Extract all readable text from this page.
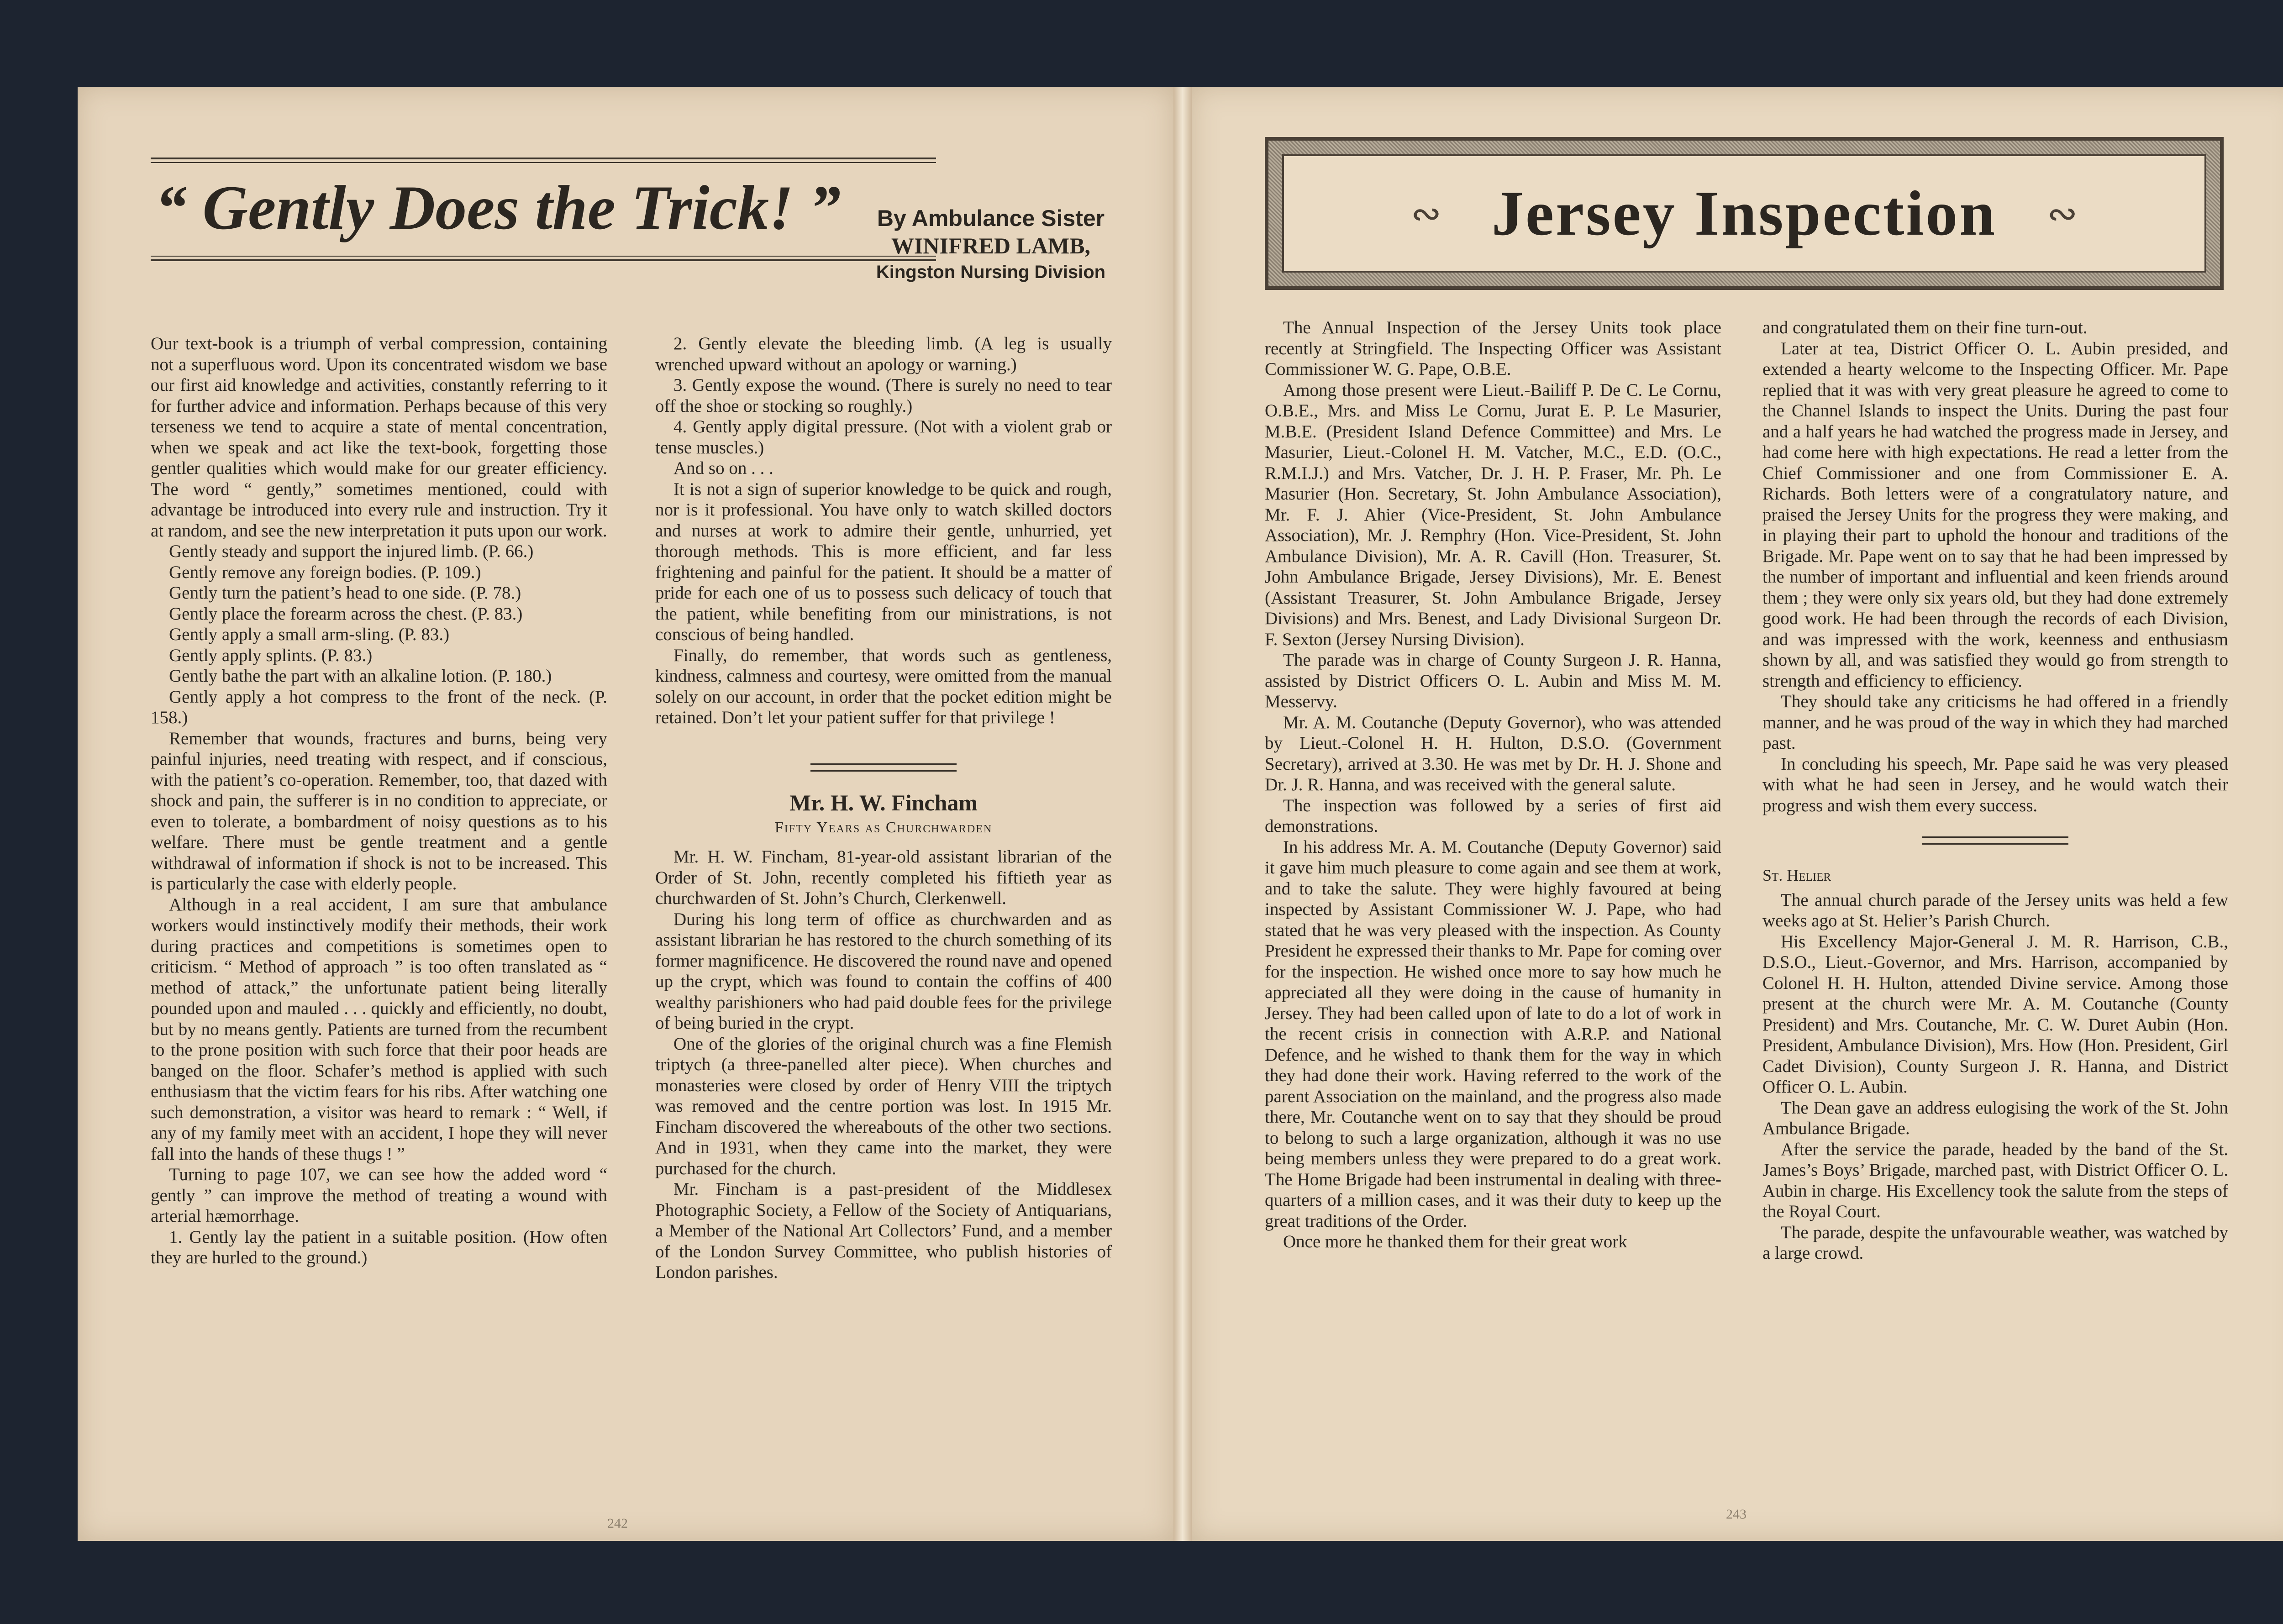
“ Gently Does the Trick! ”	By Ambulance Sister
WINIFRED LAMB,
Kingston Nursing Division

Our text-book is a triumph of verbal compression, containing not a superfluous word. Upon its concentrated wisdom we base our first aid knowledge and activities, constantly referring to it for further advice and information. Perhaps because of this very terseness we tend to acquire a state of mental concentration, when we speak and act like the text-book, forgetting those gentler qualities which would make for our greater efficiency. The word “ gently,” sometimes mentioned, could with advantage be introduced into every rule and instruction. Try it at random, and see the new interpretation it puts upon our work.

Gently steady and support the injured limb. (P. 66.)

Gently remove any foreign bodies. (P. 109.)

Gently turn the patient’s head to one side. (P. 78.)

Gently place the forearm across the chest. (P. 83.)

Gently apply a small arm-sling. (P. 83.)

Gently apply splints. (P. 83.)

Gently bathe the part with an alkaline lotion. (P. 180.)

Gently apply a hot compress to the front of the neck. (P. 158.)

Remember that wounds, fractures and burns, being very painful injuries, need treating with respect, and if conscious, with the patient’s co-operation. Remember, too, that dazed with shock and pain, the sufferer is in no condition to appreciate, or even to tolerate, a bombardment of noisy questions as to his welfare. There must be gentle treatment and a gentle withdrawal of information if shock is not to be increased. This is particularly the case with elderly people.

Although in a real accident, I am sure that ambulance workers would instinctively modify their methods, their work during practices and competitions is sometimes open to criticism. “ Method of approach ” is too often translated as “ method of attack,” the unfortunate patient being literally pounded upon and mauled . . . quickly and efficiently, no doubt, but by no means gently. Patients are turned from the recumbent to the prone position with such force that their poor heads are banged on the floor. Schafer’s method is applied with such enthusiasm that the victim fears for his ribs. After watching one such demonstration, a visitor was heard to remark : “ Well, if any of my family meet with an accident, I hope they will never fall into the hands of these thugs ! ”

Turning to page 107, we can see how the added word “ gently ” can improve the method of treating a wound with arterial hæmorrhage.

1. Gently lay the patient in a suitable position. (How often they are hurled to the ground.)

2. Gently elevate the bleeding limb. (A leg is usually wrenched upward without an apology or warning.)

3. Gently expose the wound. (There is surely no need to tear off the shoe or stocking so roughly.)

4. Gently apply digital pressure. (Not with a violent grab or tense muscles.)

And so on . . .

It is not a sign of superior knowledge to be quick and rough, nor is it professional. You have only to watch skilled doctors and nurses at work to admire their gentle, unhurried, yet thorough methods. This is more efficient, and far less frightening and painful for the patient. It should be a matter of pride for each one of us to possess such delicacy of touch that the patient, while benefiting from our ministrations, is not conscious of being handled.

Finally, do remember, that words such as gentleness, kindness, calmness and courtesy, were omitted from the manual solely on our account, in order that the pocket edition might be retained. Don’t let your patient suffer for that privilege !

Mr. H. W. Fincham
Fifty Years as Churchwarden

Mr. H. W. Fincham, 81-year-old assistant librarian of the Order of St. John, recently completed his fiftieth year as churchwarden of St. John’s Church, Clerkenwell.

During his long term of office as churchwarden and as assistant librarian he has restored to the church something of its former magnificence. He discovered the round nave and opened up the crypt, which was found to contain the coffins of 400 wealthy parishioners who had paid double fees for the privilege of being buried in the crypt.

One of the glories of the original church was a fine Flemish triptych (a three-panelled alter piece). When churches and monasteries were closed by order of Henry VIII the triptych was removed and the centre portion was lost. In 1915 Mr. Fincham discovered the whereabouts of the other two sections. And in 1931, when they came into the market, they were purchased for the church.

Mr. Fincham is a past-president of the Middlesex Photographic Society, a Fellow of the Society of Antiquarians, a Member of the National Art Collectors’ Fund, and a member of the London Survey Committee, who publish histories of London parishes.

242
∾ Jersey Inspection ∾

The Annual Inspection of the Jersey Units took place recently at Stringfield. The Inspecting Officer was Assistant Commissioner W. G. Pape, O.B.E.

Among those present were Lieut.-Bailiff P. De C. Le Cornu, O.B.E., Mrs. and Miss Le Cornu, Jurat E. P. Le Masurier, M.B.E. (President Island Defence Committee) and Mrs. Le Masurier, Lieut.-Colonel H. M. Vatcher, M.C., E.D. (O.C., R.M.I.J.) and Mrs. Vatcher, Dr. J. H. P. Fraser, Mr. Ph. Le Masurier (Hon. Secretary, St. John Ambulance Association), Mr. F. J. Ahier (Vice-President, St. John Ambulance Association), Mr. J. Remphry (Hon. Vice-President, St. John Ambulance Division), Mr. A. R. Cavill (Hon. Treasurer, St. John Ambulance Brigade, Jersey Divisions), Mr. E. Benest (Assistant Treasurer, St. John Ambulance Brigade, Jersey Divisions) and Mrs. Benest, and Lady Divisional Surgeon Dr. F. Sexton (Jersey Nursing Division).

The parade was in charge of County Surgeon J. R. Hanna, assisted by District Officers O. L. Aubin and Miss M. M. Messervy.

Mr. A. M. Coutanche (Deputy Governor), who was attended by Lieut.-Colonel H. H. Hulton, D.S.O. (Government Secretary), arrived at 3.30. He was met by Dr. H. J. Shone and Dr. J. R. Hanna, and was received with the general salute.

The inspection was followed by a series of first aid demonstrations.

In his address Mr. A. M. Coutanche (Deputy Governor) said it gave him much pleasure to come again and see them at work, and to take the salute. They were highly favoured at being inspected by Assistant Commissioner W. J. Pape, who had stated that he was very pleased with the inspection. As County President he expressed their thanks to Mr. Pape for coming over for the inspection. He wished once more to say how much he appreciated all they were doing in the cause of humanity in Jersey. They had been called upon of late to do a lot of work in the recent crisis in connection with A.R.P. and National Defence, and he wished to thank them for the way in which they had done their work. Having referred to the work of the parent Association on the mainland, and the progress also made there, Mr. Coutanche went on to say that they should be proud to belong to such a large organization, although it was no use being members unless they were prepared to do a great work. The Home Brigade had been instrumental in dealing with three-quarters of a million cases, and it was their duty to keep up the great traditions of the Order.

Once more he thanked them for their great work

and congratulated them on their fine turn-out.

Later at tea, District Officer O. L. Aubin presided, and extended a hearty welcome to the Inspecting Officer. Mr. Pape replied that it was with very great pleasure he agreed to come to the Channel Islands to inspect the Units. During the past four and a half years he had watched the progress made in Jersey, and had come here with high expectations. He read a letter from the Chief Commissioner and one from Commissioner E. A. Richards. Both letters were of a congratulatory nature, and praised the Jersey Units for the progress they were making, and in playing their part to uphold the honour and traditions of the Brigade. Mr. Pape went on to say that he had been impressed by the number of important and influential and keen friends around them ; they were only six years old, but they had done extremely good work. He had been through the records of each Division, and was impressed with the work, keenness and enthusiasm shown by all, and was satisfied they would go from strength to strength and efficiency to efficiency.

They should take any criticisms he had offered in a friendly manner, and he was proud of the way in which they had marched past.

In concluding his speech, Mr. Pape said he was very pleased with what he had seen in Jersey, and he would watch their progress and wish them every success.

St. Helier

The annual church parade of the Jersey units was held a few weeks ago at St. Helier’s Parish Church.

His Excellency Major-General J. M. R. Harrison, C.B., D.S.O., Lieut.-Governor, and Mrs. Harrison, accompanied by Colonel H. H. Hulton, attended Divine service. Among those present at the church were Mr. A. M. Coutanche (County President) and Mrs. Coutanche, Mr. C. W. Duret Aubin (Hon. President, Ambulance Division), Mrs. How (Hon. President, Girl Cadet Division), County Surgeon J. R. Hanna, and District Officer O. L. Aubin.

The Dean gave an address eulogising the work of the St. John Ambulance Brigade.

After the service the parade, headed by the band of the St. James’s Boys’ Brigade, marched past, with District Officer O. L. Aubin in charge. His Excellency took the salute from the steps of the Royal Court.

The parade, despite the unfavourable weather, was watched by a large crowd.

243
